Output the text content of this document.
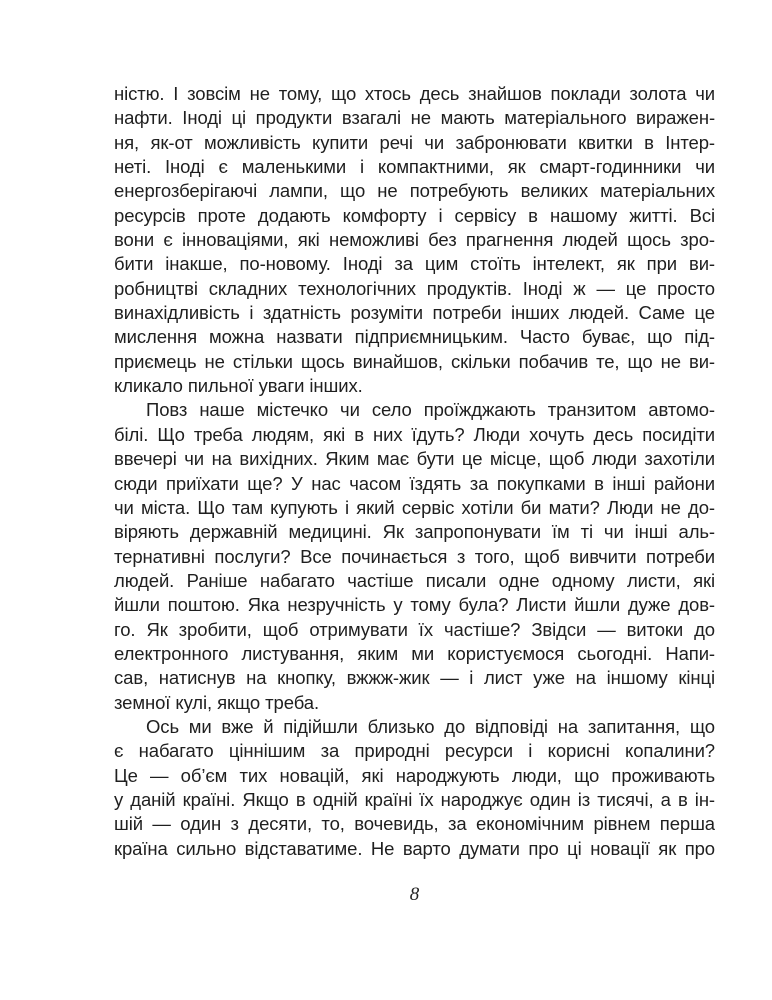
ністю. І зовсім не тому, що хтось десь знайшов поклади золота чи
нафти. Іноді ці продукти взагалі не мають матеріального виражен-
ня, як-от можливість купити речі чи забронювати квитки в Інтер-
неті. Іноді є маленькими і компактними, як смарт-годинники чи
енергозберігаючі лампи, що не потребують великих матеріальних
ресурсів проте додають комфорту і сервісу в нашому житті. Всі
вони є інноваціями, які неможливі без прагнення людей щось зро-
бити інакше, по-новому. Іноді за цим стоїть інтелект, як при ви-
робництві складних технологічних продуктів. Іноді ж — це просто
винахідливість і здатність розуміти потреби інших людей. Саме це
мислення можна назвати підприємницьким. Часто буває, що під-
приємець не стільки щось винайшов, скільки побачив те, що не ви-
кликало пильної уваги інших.
Повз наше містечко чи село проїжджають транзитом автомо-
білі. Що треба людям, які в них їдуть? Люди хочуть десь посидіти
ввечері чи на вихідних. Яким має бути це місце, щоб люди захотіли
сюди приїхати ще? У нас часом їздять за покупками в інші райони
чи міста. Що там купують і який сервіс хотіли би мати? Люди не до-
віряють державній медицині. Як запропонувати їм ті чи інші аль-
тернативні послуги? Все починається з того, щоб вивчити потреби
людей. Раніше набагато частіше писали одне одному листи, які
йшли поштою. Яка незручність у тому була? Листи йшли дуже дов-
го. Як зробити, щоб отримувати їх частіше? Звідси — витоки до
електронного листування, яким ми користуємося сьогодні. Напи-
сав, натиснув на кнопку, вжжж-жик — і лист уже на іншому кінці
земної кулі, якщо треба.
Ось ми вже й підійшли близько до відповіді на запитання, що
є набагато ціннішим за природні ресурси і корисні копалини?
Це — об’єм тих новацій, які народжують люди, що проживають
у даній країні. Якщо в одній країні їх народжує один із тисячі, а в ін-
шій — один з десяти, то, вочевидь, за економічним рівнем перша
країна сильно відставатиме. Не варто думати про ці новації як про
8
